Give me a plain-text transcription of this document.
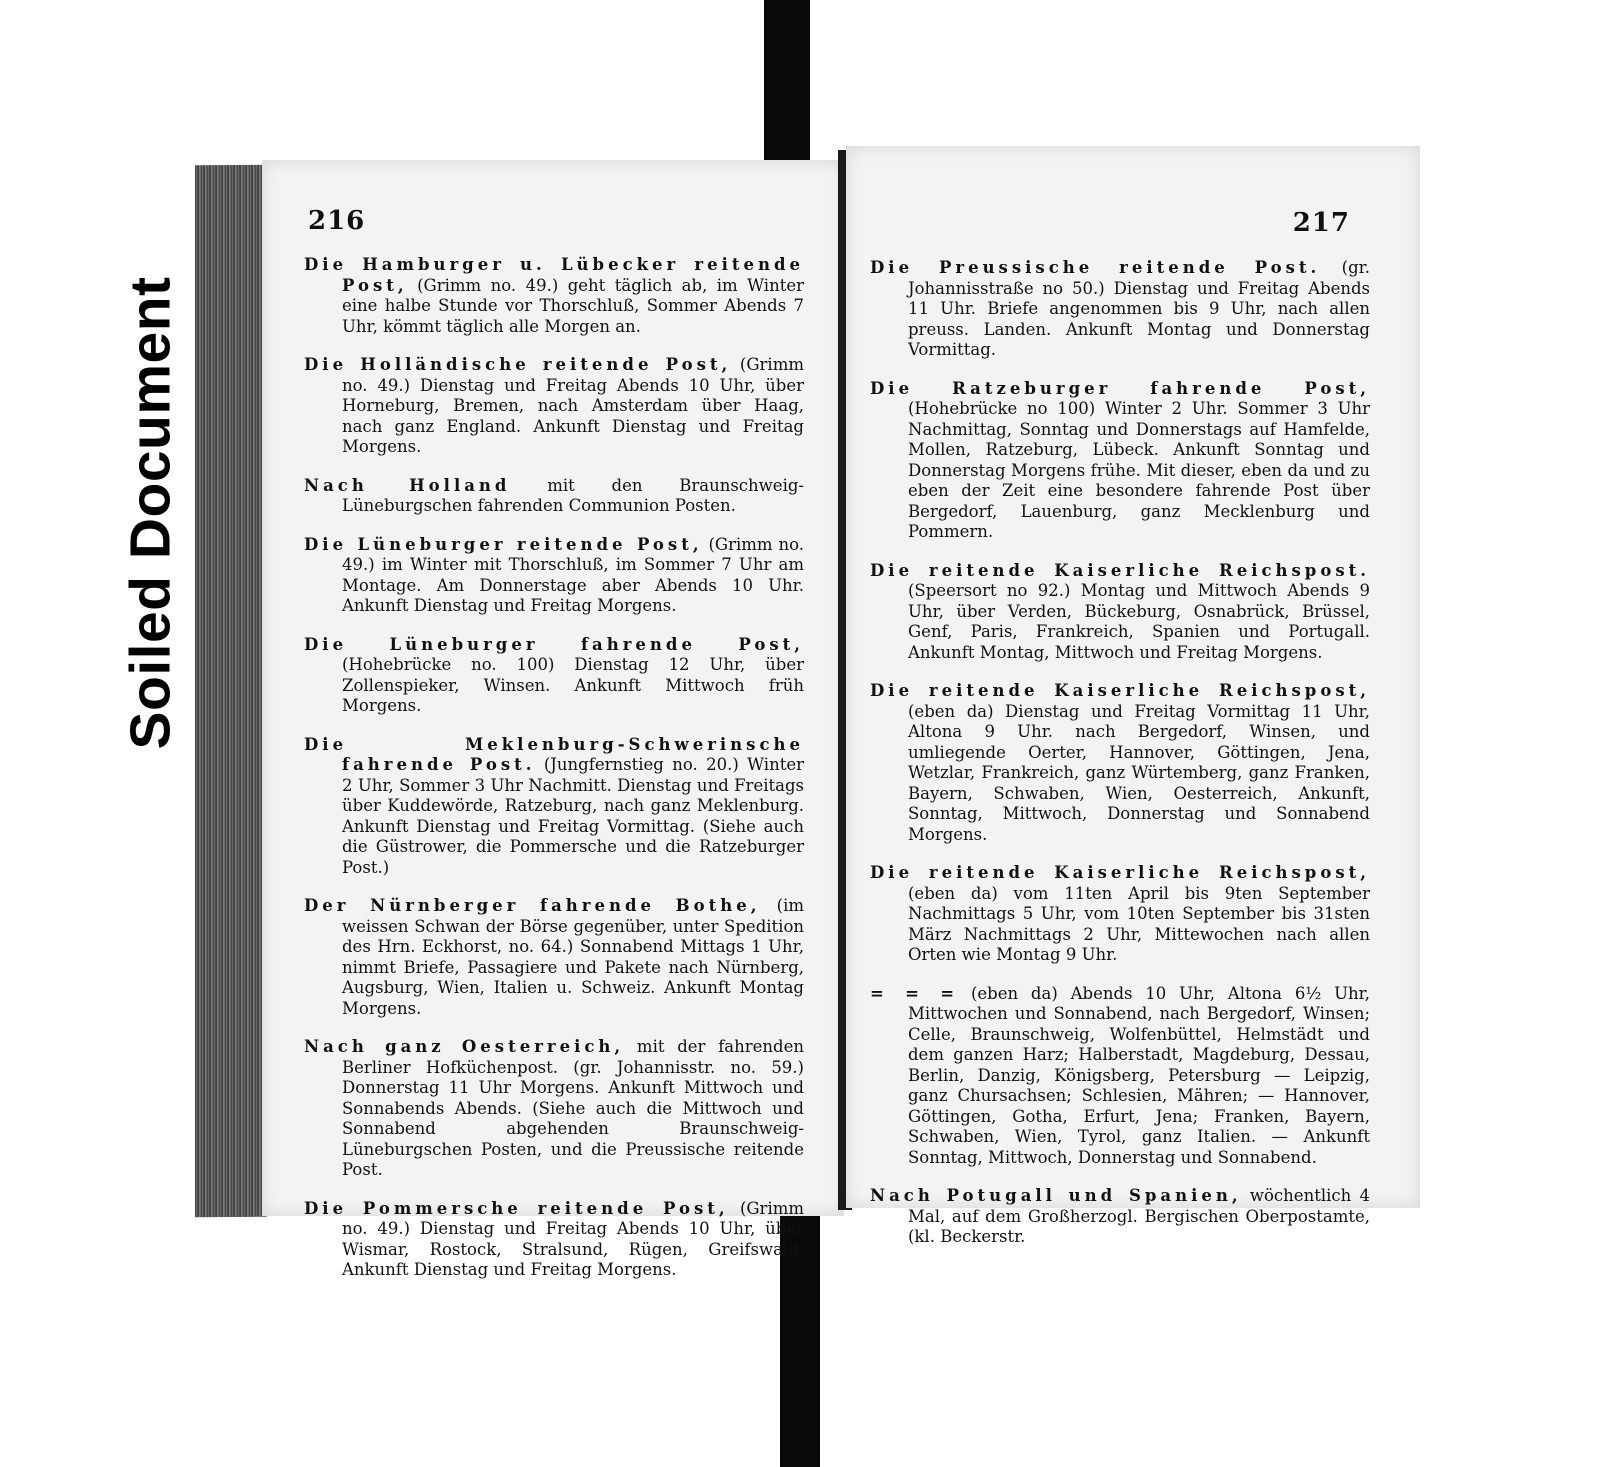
Soiled Document
216

Die Hamburger u. Lübecker reitende Post, (Grimm no. 49.) geht täglich ab, im Winter eine halbe Stunde vor Thorschluß, Sommer Abends 7 Uhr, kömmt täglich alle Morgen an.

Die Holländische reitende Post, (Grimm no. 49.) Dienstag und Freitag Abends 10 Uhr, über Horneburg, Bremen, nach Amsterdam über Haag, nach ganz England. Ankunft Dienstag und Freitag Morgens.

Nach Holland mit den Braunschweig-Lüneburgschen fahrenden Communion Posten.

Die Lüneburger reitende Post, (Grimm no. 49.) im Winter mit Thorschluß, im Sommer 7 Uhr am Montage. Am Donnerstage aber Abends 10 Uhr. Ankunft Dienstag und Freitag Morgens.

Die Lüneburger fahrende Post, (Hohebrücke no. 100) Dienstag 12 Uhr, über Zollenspieker, Winsen. Ankunft Mittwoch früh Morgens.

Die Meklenburg-Schwerinsche fahrende Post. (Jungfernstieg no. 20.) Winter 2 Uhr, Sommer 3 Uhr Nachmitt. Dienstag und Freitags über Kuddewörde, Ratzeburg, nach ganz Meklenburg. Ankunft Dienstag und Freitag Vormittag. (Siehe auch die Güstrower, die Pommersche und die Ratzeburger Post.)

Der Nürnberger fahrende Bothe, (im weissen Schwan der Börse gegenüber, unter Spedition des Hrn. Eckhorst, no. 64.) Sonnabend Mittags 1 Uhr, nimmt Briefe, Passagiere und Pakete nach Nürnberg, Augsburg, Wien, Italien u. Schweiz. Ankunft Montag Morgens.

Nach ganz Oesterreich, mit der fahrenden Berliner Hofküchenpost. (gr. Johannisstr. no. 59.) Donnerstag 11 Uhr Morgens. Ankunft Mittwoch und Sonnabends Abends. (Siehe auch die Mittwoch und Sonnabend abgehenden Braunschweig-Lüneburgschen Posten, und die Preussische reitende Post.

Die Pommersche reitende Post, (Grimm no. 49.) Dienstag und Freitag Abends 10 Uhr, über Wismar, Rostock, Stralsund, Rügen, Greifswald, Ankunft Dienstag und Freitag Morgens.

217

Die Preussische reitende Post. (gr. Johannisstraße no 50.) Dienstag und Freitag Abends 11 Uhr. Briefe angenommen bis 9 Uhr, nach allen preuss. Landen. Ankunft Montag und Donnerstag Vormittag.

Die Ratzeburger fahrende Post, (Hohebrücke no 100) Winter 2 Uhr. Sommer 3 Uhr Nachmittag, Sonntag und Donnerstags auf Hamfelde, Mollen, Ratzeburg, Lübeck. Ankunft Sonntag und Donnerstag Morgens frühe. Mit dieser, eben da und zu eben der Zeit eine besondere fahrende Post über Bergedorf, Lauenburg, ganz Mecklenburg und Pommern.

Die reitende Kaiserliche Reichspost. (Speersort no 92.) Montag und Mittwoch Abends 9 Uhr, über Verden, Bückeburg, Osnabrück, Brüssel, Genf, Paris, Frankreich, Spanien und Portugall. Ankunft Montag, Mittwoch und Freitag Morgens.

Die reitende Kaiserliche Reichspost, (eben da) Dienstag und Freitag Vormittag 11 Uhr, Altona 9 Uhr. nach Bergedorf, Winsen, und umliegende Oerter, Hannover, Göttingen, Jena, Wetzlar, Frankreich, ganz Würtemberg, ganz Franken, Bayern, Schwaben, Wien, Oesterreich, Ankunft, Sonntag, Mittwoch, Donnerstag und Sonnabend Morgens.

Die reitende Kaiserliche Reichspost, (eben da) vom 11ten April bis 9ten September Nachmittags 5 Uhr, vom 10ten September bis 31sten März Nachmittags 2 Uhr, Mittewochen nach allen Orten wie Montag 9 Uhr.

= = = (eben da) Abends 10 Uhr, Altona 6½ Uhr, Mittwochen und Sonnabend, nach Bergedorf, Winsen; Celle, Braunschweig, Wolfenbüttel, Helmstädt und dem ganzen Harz; Halberstadt, Magdeburg, Dessau, Berlin, Danzig, Königsberg, Petersburg — Leipzig, ganz Chursachsen; Schlesien, Mähren; — Hannover, Göttingen, Gotha, Erfurt, Jena; Franken, Bayern, Schwaben, Wien, Tyrol, ganz Italien. — Ankunft Sonntag, Mittwoch, Donnerstag und Sonnabend.

Nach Potugall und Spanien, wöchentlich 4 Mal, auf dem Großherzogl. Bergischen Oberpostamte, (kl. Beckerstr.
